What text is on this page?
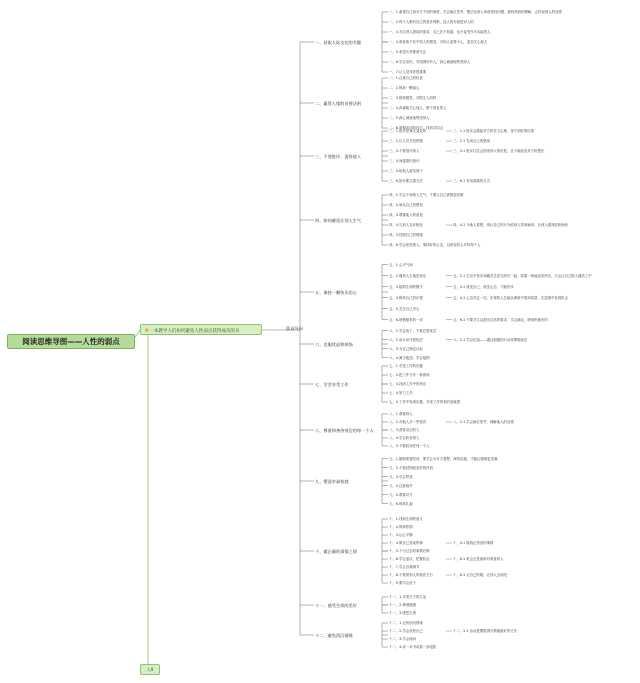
阅读思维导图——人性的弱点
★一本教导人们如何避免人性弱点获得成功的书
篇章导向
人9
一、获取人际交往的关键
一、1.重建自己和对方不同的角度，学会换位思考，想法从别人角度看待问题，最终得到的理解，会体谅别人的处境
一、2.每个人都有自己的是非判断，没人的东西是别人的
一、3.关注别人固执的需求，自己在不知道，也不接受作为本能的人
一、4.谁喜欢不在乎别人的感受，对别人更要小心，更加关心他人
一、5.希望大家都被关注
一、6.学会赏识，对周围所有人，真心诚意地赞美别人
一、7.让人觉得你很重要
二、赢得人缘的首要法则
二、1.注重自己的仪表
二、2.保持一颗童心
二、3.保持微笑，对陌生人同样
二、4.真诚地关心他人，做个善良的人
二、5.真心诚意地赞美别人
二、6.掌握谈话的技巧，找到共同点
三、不要批评、责怪他人
三、1.批评是毫无益处的	三、1.1 批评会激起对方的自卫心理，得不到好的结果
三、2.让人们对犯的错	三、2.1 先谈自己的错误
三、3.不要批评别人	三、3.1 批评往往会招来别人的仇恨，且不能改变对方的想法
三、4.间接提出批评
三、5.给他人留足面子
三、6.批评要注重方法	三、6.1 采用委婉的方式
四、如何避免让别人生气
四、1.学会不和别人生气，不要让自己被愤怒控制
四、2.承认自己的错误
四、3.尊重他人的意见
四、4.与别人友好相处	四、4.1 为他人着想，别让自己的行为给别人带来麻烦，让别人感到轻松愉快
四、5.控制自己的情绪
四、6.学会宽恕别人，保持好的心态，以宽容的心对待每个人
五、保持一颗快乐的心
五、1.心平气和
五、2.懂得人生就是快乐	五、2.1 生活中快乐和痛苦总是交织在一起，如果一味地追求快乐，只会让自己陷入痛苦之中
五、3.接纳生命的赠予	五、3.1 改变自己，改变心态，才能快乐
五、4.保持自己的乐观	五、4.1 心态决定一切，乐观的人总能从困境中看到希望，在逆境中发现机会
五、5.关注自己内心
五、6.珍惜拥有的一切	五、6.1 不要对生活提出过高的要求，学会满足，珍惜所拥有的
六、克服忧虑和烦恼
六、1.学会放下，不要总是忧虑
六、2.用行动代替忧虑	六、2.1 学会忙碌——通过积极的行动来摆脱忧虑
六、3.为自己制定目标
六、4.减少抱怨，学会接纳
七、学会享受工作
七、1.享受工作的乐趣
七、2.把工作当作一种游戏
七、3.找到工作中的快乐
七、4.努力工作
七、5.工作中发现乐趣，享受工作带来的成就感
八、尊重和善待身边的每一个人
八、1.尊重别人
八、2.对他人多一些宽容	八、2.1 学会换位思考，理解他人的处境
八、3.善待身边的人
八、4.学会欣赏别人
八、5.不要轻视任何一个人
九、塑造幸福家庭
九、1.婚姻需要经营，要学会为对方着想，保持沟通，才能让婚姻更美满
九、2.不要试图改变你的伴侣
九、3.学会赞美
九、4.注意细节
九、5.尊重对方
九、6.保持礼貌
十、做正确的事情之情
十、1.找到生命的意义
十、2.保持热情
十、3.让心平静
十、4.做自己喜欢的事	十、4.1 做真正热爱的事情
十、5.不为过去的事情后悔
十、6.学会适应，把握机会	十、6.1 机会总是留给有准备的人
十、7.学会自我调节
十、8.不要被别人的看法左右	十、8.1 走自己的路，让别人去说吧
十、9.要学会放下
十一、感受生命的美好
十一、1.享受当下的生活
十一、2.珍惜健康
十一、3.感恩生命
十二、避免消沉情绪
十二、1.正视消沉情绪
十二、2.学会放松自己	十二、2.1 运动是摆脱消沉情绪最好的方法
十二、3.学会倾诉
十二、4.读一本书或看一部电影
